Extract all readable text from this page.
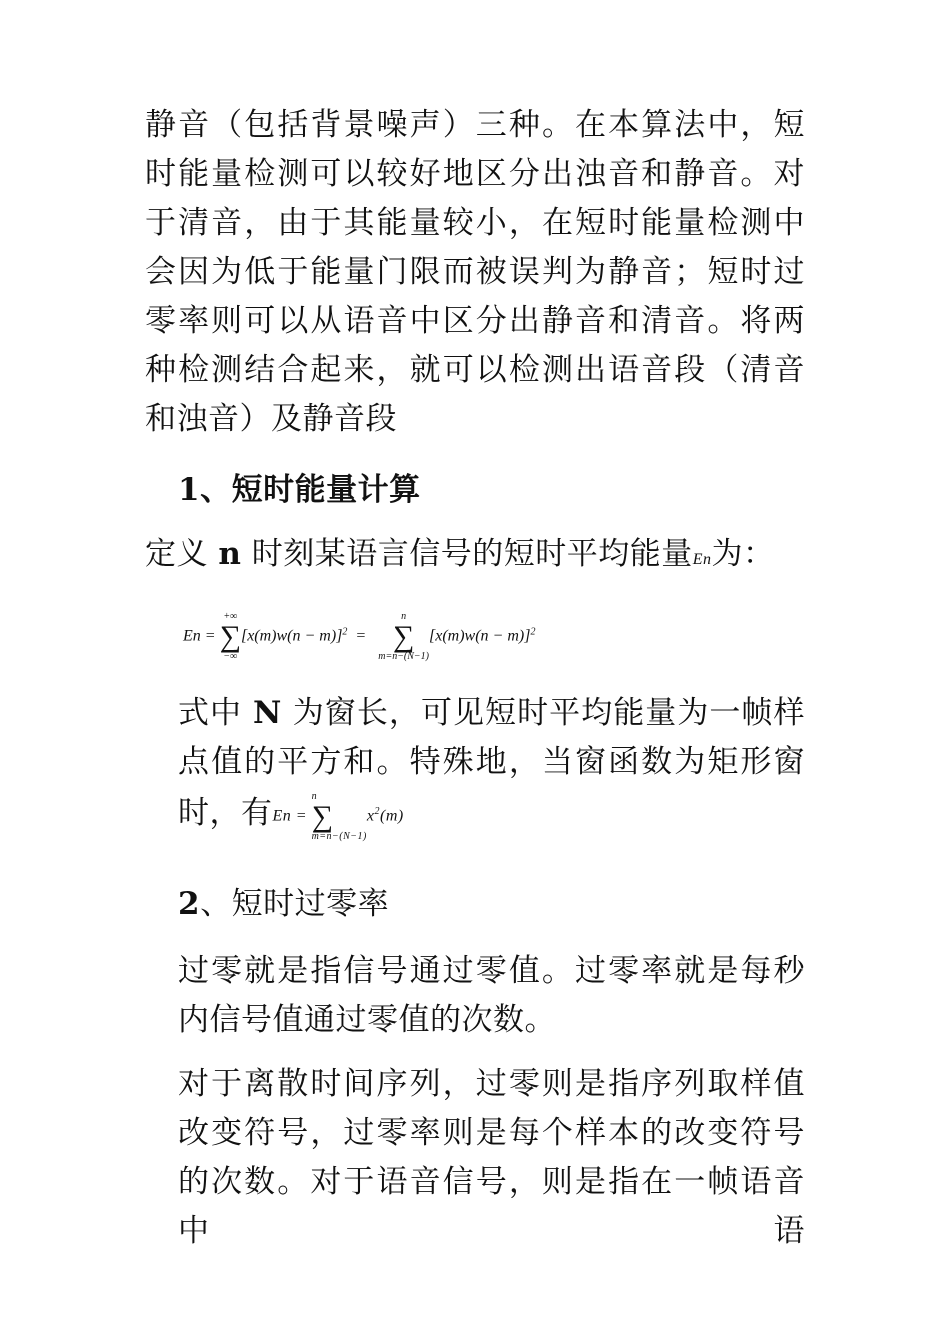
静音（包括背景噪声）三种。在本算法中，短时能量检测可以较好地区分出浊音和静音。对于清音，由于其能量较小，在短时能量检测中会因为低于能量门限而被误判为静音；短时过零率则可以从语音中区分出静音和清音。将两种检测结合起来，就可以检测出语音段（清音和浊音）及静音段

1、短时能量计算

定义 n 时刻某语言信号的短时平均能量En为：

En =
+∞
∑
−∞
$[x(m)w(n - m)]^2$ =
n
∑
m=n−(N−1)
$[x(m)w(n - m)]^2$

式中 N 为窗长，可见短时平均能量为一帧样点值的平方和。特殊地，当窗函数为矩形窗时，有En =
n
∑
m=n−(N−1)
$x^2(m)$

2、短时过零率

过零就是指信号通过零值。过零率就是每秒内信号值通过零值的次数。

对于离散时间序列，过零则是指序列取样值改变符号，过零率则是每个样本的改变符号的次数。对于语音信号，则是指在一帧语音中语
